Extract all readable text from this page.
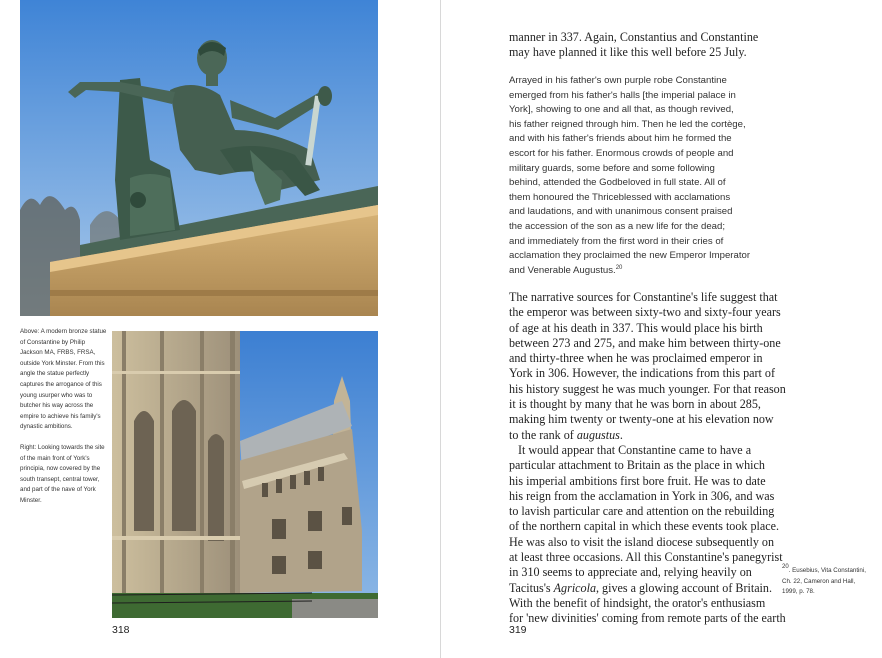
Above: A modern bronze statue of Constantine by Philip Jackson MA, FRBS, FRSA, outside York Minster. From this angle the statue perfectly captures the arrogance of this young usurper who was to butcher his way across the empire to achieve his family's dynastic ambitions.

Right: Looking towards the site of the main front of York's principia, now covered by the south transept, central tower, and part of the nave of York Minster.

318
manner in 337. Again, Constantius and Constantine
may have planned it like this well before 25 July.
Arrayed in his father's own purple robe Constantine
emerged from his father's halls [the imperial palace in
York], showing to one and all that, as though revived,
his father reigned through him. Then he led the cortège,
and with his father's friends about him he formed the
escort for his father. Enormous crowds of people and
military guards, some before and some following
behind, attended the Godbeloved in full state. All of
them honoured the Thriceblessed with acclamations
and laudations, and with unanimous consent praised
the accession of the son as a new life for the dead;
and immediately from the first word in their cries of
acclamation they proclaimed the new Emperor Imperator
and Venerable Augustus.$^{20}$
The narrative sources for Constantine's life suggest that
the emperor was between sixty-two and sixty-four years
of age at his death in 337. This would place his birth
between 273 and 275, and make him between thirty-one
and thirty-three when he was proclaimed emperor in
York in 306. However, the indications from this part of
his history suggest he was much younger. For that reason
it is thought by many that he was born in about 285,
making him twenty or twenty-one at his elevation now
to the rank of augustus.
It would appear that Constantine came to have a
particular attachment to Britain as the place in which
his imperial ambitions first bore fruit. He was to date
his reign from the acclamation in York in 306, and was
to lavish particular care and attention on the rebuilding
of the northern capital in which these events took place.
He was also to visit the island diocese subsequently on
at least three occasions. All this Constantine's panegyrist
in 310 seems to appreciate and, relying heavily on
Tacitus's Agricola, gives a glowing account of Britain.
With the benefit of hindsight, the orator's enthusiasm
for 'new divinities' coming from remote parts of the earth
$^{20}$. Eusebius, Vita Constantini, Ch. 22, Cameron and Hall, 1999, p. 78.
319
